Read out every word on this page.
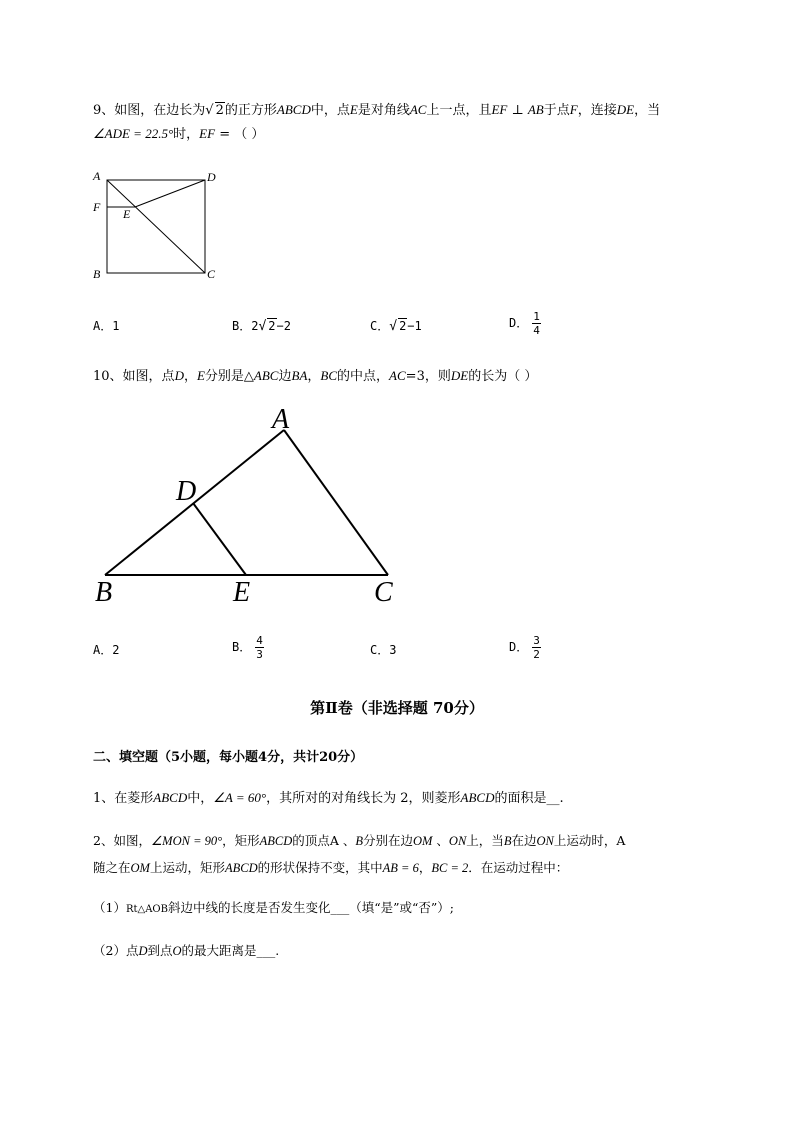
9、如图，在边长为√ 2的正方形ABCD中，点E是对角线AC上一点，且EF ⊥ AB于点F，连接DE，当
∠ADE = 22.5°时，EF = （ ）
A	D
F E
B	C
A．1	B．2√ 2−2	C．√ 2−1	D． $\frac{1}{4}$
10、如图，点D，E分别是△ABC边BA，BC的中点，AC=3，则DE的长为（ ）
A
D
B	E	C
A．2	B． $\frac{4}{3}$	C．3	D． $\frac{3}{2}$
第Ⅱ卷（非选择题 70分）
二、填空题（5小题，每小题4分，共计20分）
1、在菱形ABCD中，∠A = 60°，其所对的对角线长为 2，则菱形ABCD的面积是__.
2、如图，∠MON = 90°，矩形ABCD的顶点A 、B分别在边OM 、ON上，当B在边ON上运动时，A
随之在OM上运动，矩形ABCD的形状保持不变，其中AB = 6，BC = 2．在运动过程中：
（1）Rt△AOB斜边中线的长度是否发生变化___（填“是”或“否”）;
（2）点D到点O的最大距离是___.
